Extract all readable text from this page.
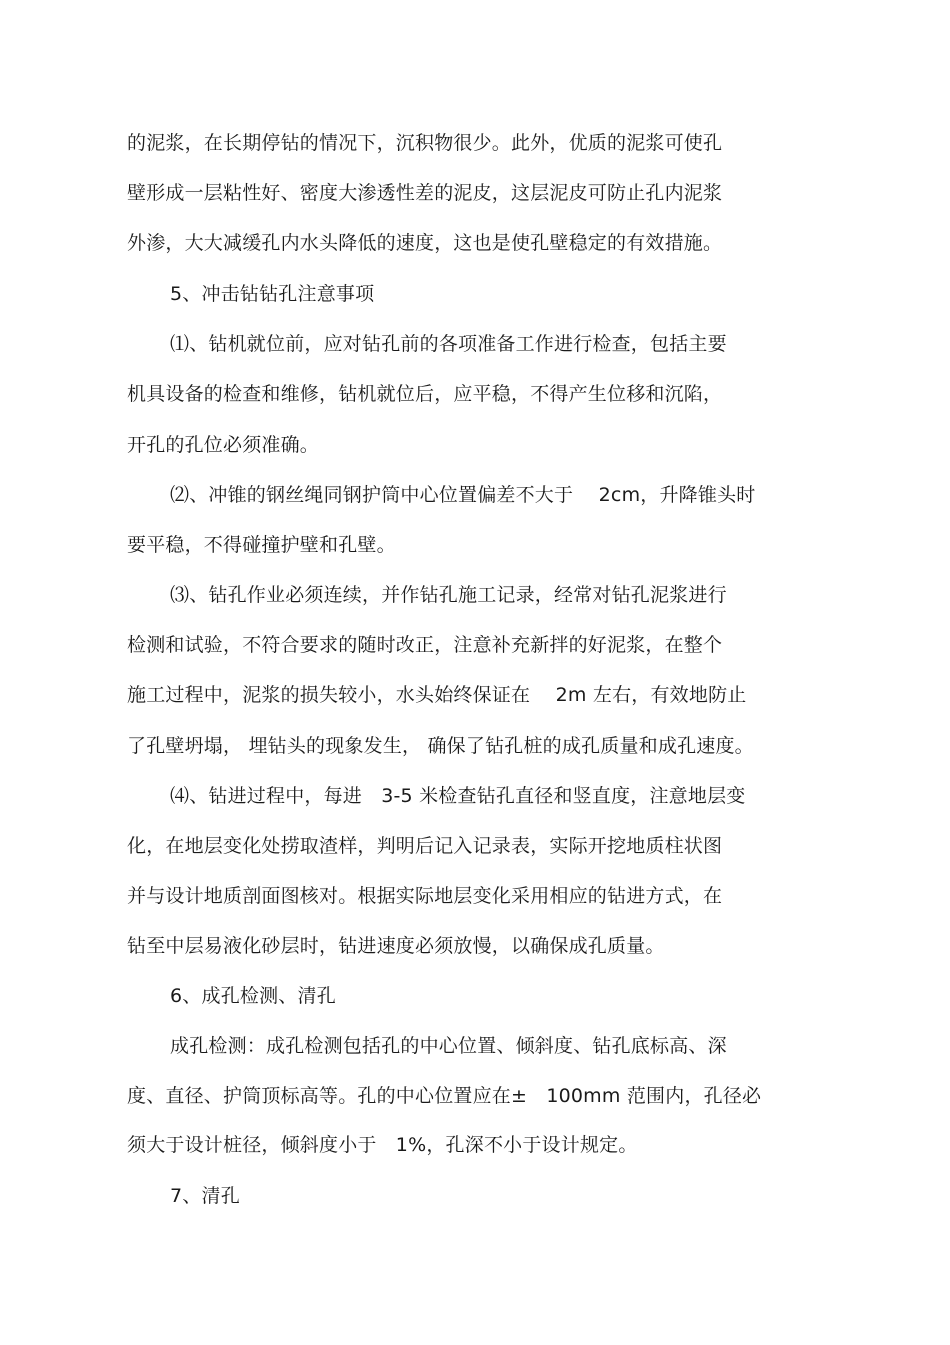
的泥浆，在长期停钻的情况下，沉积物很少。此外，优质的泥浆可使孔
壁形成一层粘性好、密度大渗透性差的泥皮，这层泥皮可防止孔内泥浆
外渗，大大减缓孔内水头降低的速度，这也是使孔壁稳定的有效措施。
5、冲击钻钻孔注意事项
⑴、钻机就位前，应对钻孔前的各项准备工作进行检查，包括主要
机具设备的检查和维修，钻机就位后，应平稳，不得产生位移和沉陷，
开孔的孔位必须准确。
⑵、冲锥的钢丝绳同钢护筒中心位置偏差不大于　 2cm，升降锥头时
要平稳，不得碰撞护壁和孔壁。
⑶、钻孔作业必须连续，并作钻孔施工记录，经常对钻孔泥浆进行
检测和试验，不符合要求的随时改正，注意补充新拌的好泥浆，在整个
施工过程中，泥浆的损失较小，水头始终保证在　 2m 左右，有效地防止
了孔壁坍塌， 埋钻头的现象发生， 确保了钻孔桩的成孔质量和成孔速度。
⑷、钻进过程中，每进　3-5 米检查钻孔直径和竖直度，注意地层变
化，在地层变化处捞取渣样，判明后记入记录表，实际开挖地质柱状图
并与设计地质剖面图核对。根据实际地层变化采用相应的钻进方式，在
钻至中层易液化砂层时，钻进速度必须放慢，以确保成孔质量。
6、成孔检测、清孔
成孔检测：成孔检测包括孔的中心位置、倾斜度、钻孔底标高、深
度、直径、护筒顶标高等。孔的中心位置应在±　100mm 范围内，孔径必
须大于设计桩径，倾斜度小于　1%，孔深不小于设计规定。
7、清孔
